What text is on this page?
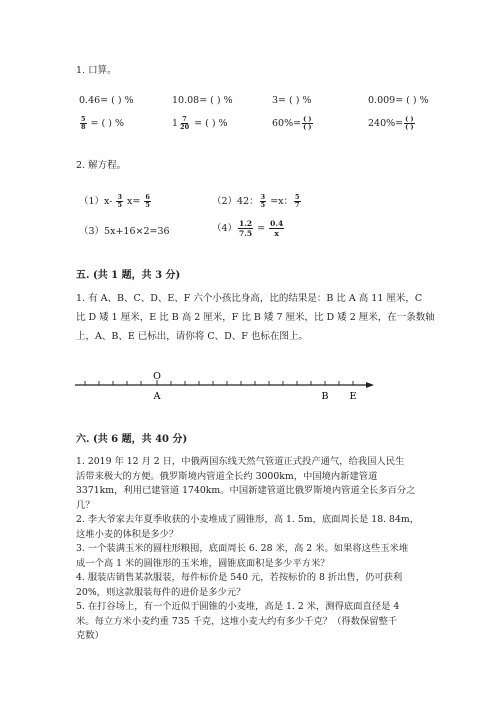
1. 口算。
0.46= ( ) %	10.08= ( ) %	3= ( ) %	0.009= ( ) %
$\frac{5}{8}$ = ( ) %	$1 \frac{7}{20}$ = ( ) %	$60\%= \frac{( )}{( )}$	$240\%= \frac{( )}{( )}$
2. 解方程。
$(1)x- \frac{3}{5} x= \frac{6}{5}$	（2）42： $\frac{3}{5} =x$： $\frac{5}{7}$
（3）5x+16×2=36	$(4) \frac{1.2}{7.5} = \frac{0.4}{x}$
五. (共 1 题，共 3 分)

1. 有 A、B、C、D、E、F 六个小孩比身高，比的结果是：B 比 A 高 11 厘米，C

比 D 矮 1 厘米，E 比 B 高 2 厘米，F 比 B 矮 7 厘米，比 D 矮 2 厘米，在一条数轴

上，A、B、E 已标出，请你将 C、D、F 也标在图上。

O
A	B E
六. (共 6 题，共 40 分)

1. 2019 年 12 月 2 日，中俄两国东线天然气管道正式投产通气，给我国人民生

活带来极大的方便。俄罗斯境内管道全长约 3000km，中国境内新建管道

3371km，利用已建管道 1740km。中国新建管道比俄罗斯境内管道全长多百分之

几？

2. 李大爷家去年夏季收获的小麦堆成了圆锥形，高 1. 5m，底面周长是 18. 84m，

这堆小麦的体积是多少？

3. 一个装满玉米的圆柱形粮囤，底面周长 6. 28 米，高 2 米。如果将这些玉米堆

成一个高 1 米的圆锥形的玉米堆，圆锥底面积是多少平方米？

4. 服装店销售某款服装，每件标价是 540 元，若按标价的 8 折出售，仍可获利

20%，则这款服装每件的进价是多少元？

5. 在打谷场上，有一个近似于圆锥的小麦堆，高是 1. 2 米，测得底面直径是 4

米。每立方米小麦约重 735 千克，这堆小麦大约有多少千克？（得数保留整千

克数）
